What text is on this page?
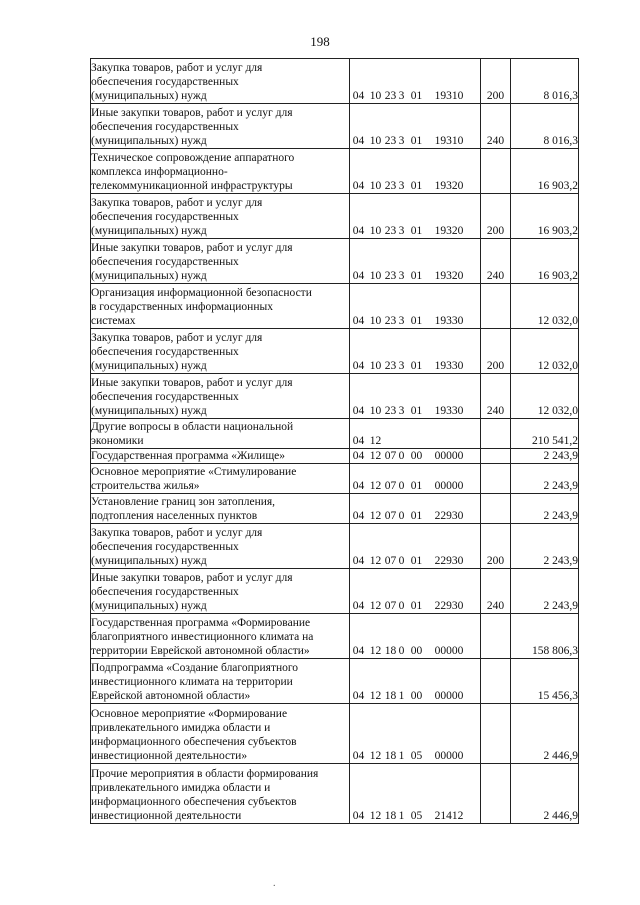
198
Закупка товаров, работ и услуг для
обеспечения государственных
(муниципальных) нужд	04 10 23 3 01 19310	200	8 016,3
Иные закупки товаров, работ и услуг для
обеспечения государственных
(муниципальных) нужд	04 10 23 3 01 19310	240	8 016,3
Техническое сопровождение аппаратного
комплекса информационно-
телекоммуникационной инфраструктуры	04 10 23 3 01 19320		16 903,2
Закупка товаров, работ и услуг для
обеспечения государственных
(муниципальных) нужд	04 10 23 3 01 19320	200	16 903,2
Иные закупки товаров, работ и услуг для
обеспечения государственных
(муниципальных) нужд	04 10 23 3 01 19320	240	16 903,2
Организация информационной безопасности
в государственных информационных
системах	04 10 23 3 01 19330		12 032,0
Закупка товаров, работ и услуг для
обеспечения государственных
(муниципальных) нужд	04 10 23 3 01 19330	200	12 032,0
Иные закупки товаров, работ и услуг для
обеспечения государственных
(муниципальных) нужд	04 10 23 3 01 19330	240	12 032,0
Другие вопросы в области национальной
экономики	04 12		210 541,2
Государственная программа «Жилище»	04 12 07 0 00 00000		2 243,9
Основное мероприятие «Стимулирование
строительства жилья»	04 12 07 0 01 00000		2 243,9
Установление границ зон затопления,
подтопления населенных пунктов	04 12 07 0 01 22930		2 243,9
Закупка товаров, работ и услуг для
обеспечения государственных
(муниципальных) нужд	04 12 07 0 01 22930	200	2 243,9
Иные закупки товаров, работ и услуг для
обеспечения государственных
(муниципальных) нужд	04 12 07 0 01 22930	240	2 243,9
Государственная программа «Формирование
благоприятного инвестиционного климата на
территории Еврейской автономной области»	04 12 18 0 00 00000		158 806,3
Подпрограмма «Создание благоприятного
инвестиционного климата на территории
Еврейской автономной области»	04 12 18 1 00 00000		15 456,3
Основное мероприятие «Формирование
привлекательного имиджа области и
информационного обеспечения субъектов
инвестиционной деятельности»	04 12 18 1 05 00000		2 446,9
Прочие мероприятия в области формирования
привлекательного имиджа области и
информационного обеспечения субъектов
инвестиционной деятельности	04 12 18 1 05 21412		2 446,9
.
